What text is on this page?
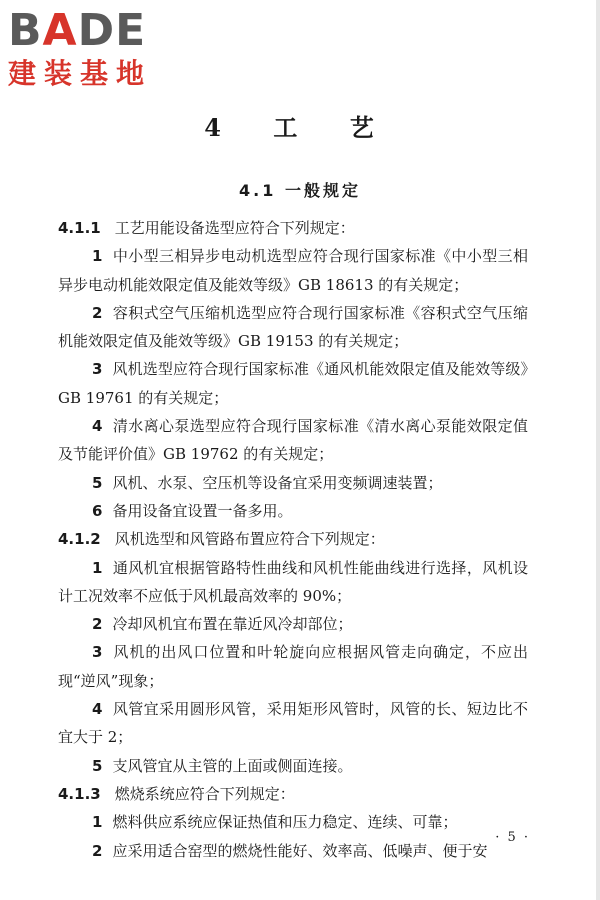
BADE
建装基地
4 工 艺
4.1 一般规定

4.1.1 工艺用能设备选型应符合下列规定：

1 中小型三相异步电动机选型应符合现行国家标准《中小型三相异步电动机能效限定值及能效等级》GB 18613 的有关规定；

2 容积式空气压缩机选型应符合现行国家标准《容积式空气压缩机能效限定值及能效等级》GB 19153 的有关规定；

3 风机选型应符合现行国家标准《通风机能效限定值及能效等级》GB 19761 的有关规定；

4 清水离心泵选型应符合现行国家标准《清水离心泵能效限定值及节能评价值》GB 19762 的有关规定；

5 风机、水泵、空压机等设备宜采用变频调速装置；

6 备用设备宜设置一备多用。

4.1.2 风机选型和风管路布置应符合下列规定：

1 通风机宜根据管路特性曲线和风机性能曲线进行选择，风机设计工况效率不应低于风机最高效率的 90%；

2 冷却风机宜布置在靠近风冷却部位；

3 风机的出风口位置和叶轮旋向应根据风管走向确定，不应出现“逆风”现象；

4 风管宜采用圆形风管，采用矩形风管时，风管的长、短边比不宜大于 2；

5 支风管宜从主管的上面或侧面连接。

4.1.3 燃烧系统应符合下列规定：

1 燃料供应系统应保证热值和压力稳定、连续、可靠；

2 应采用适合窑型的燃烧性能好、效率高、低噪声、便于安

· 5 ·
